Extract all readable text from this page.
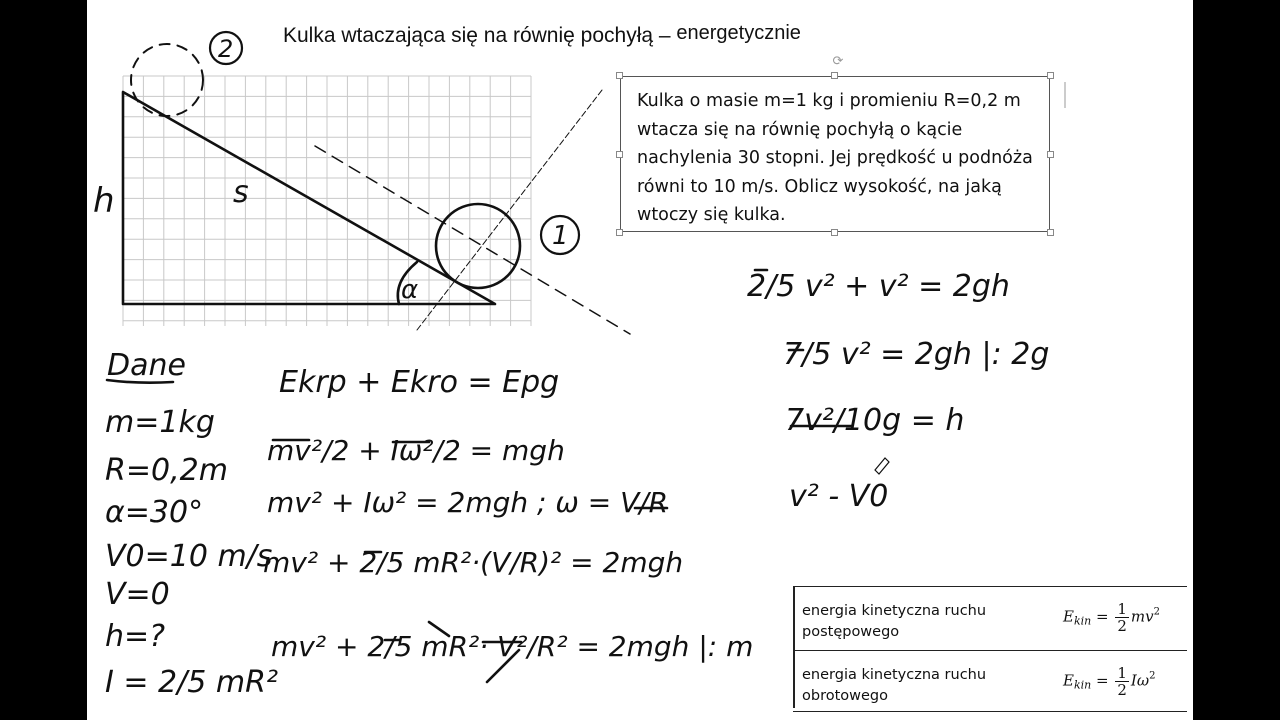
Kulka wtaczająca się na równię pochyłą – energetycznie
2
1
h	s
α
Dane
m=1kg
R=0,2m
α=30°
V0=10 m/s
V=0
h=?
I = 2/5 mR²
Ekrp + Ekro = Epg
mv²/2 + Iω²/2 = mgh
mv² + Iω² = 2mgh ; ω = V/R
mv² + 2/5 mR²·(V/R)² = 2mgh
mv² + 2/5 mR²· V²/R² = 2mgh |: m
2/5 v² + v² = 2gh
7/5 v² = 2gh |: 2g
7v²/10g = h
v² - V0
⟳
Kulka o masie m=1 kg i promieniu R=0,2 m wtacza się na równię pochyłą o kącie nachylenia 30 stopni. Jej prędkość u podnóża równi to 10 m/s. Oblicz wysokość, na jaką wtoczy się kulka.
energia kinetyczna ruchu postępowego
$E_{kin} = \frac{1}{2} mv^2$
energia kinetyczna ruchu obrotowego
$E_{kin} = \frac{1}{2} I\omega^2$
